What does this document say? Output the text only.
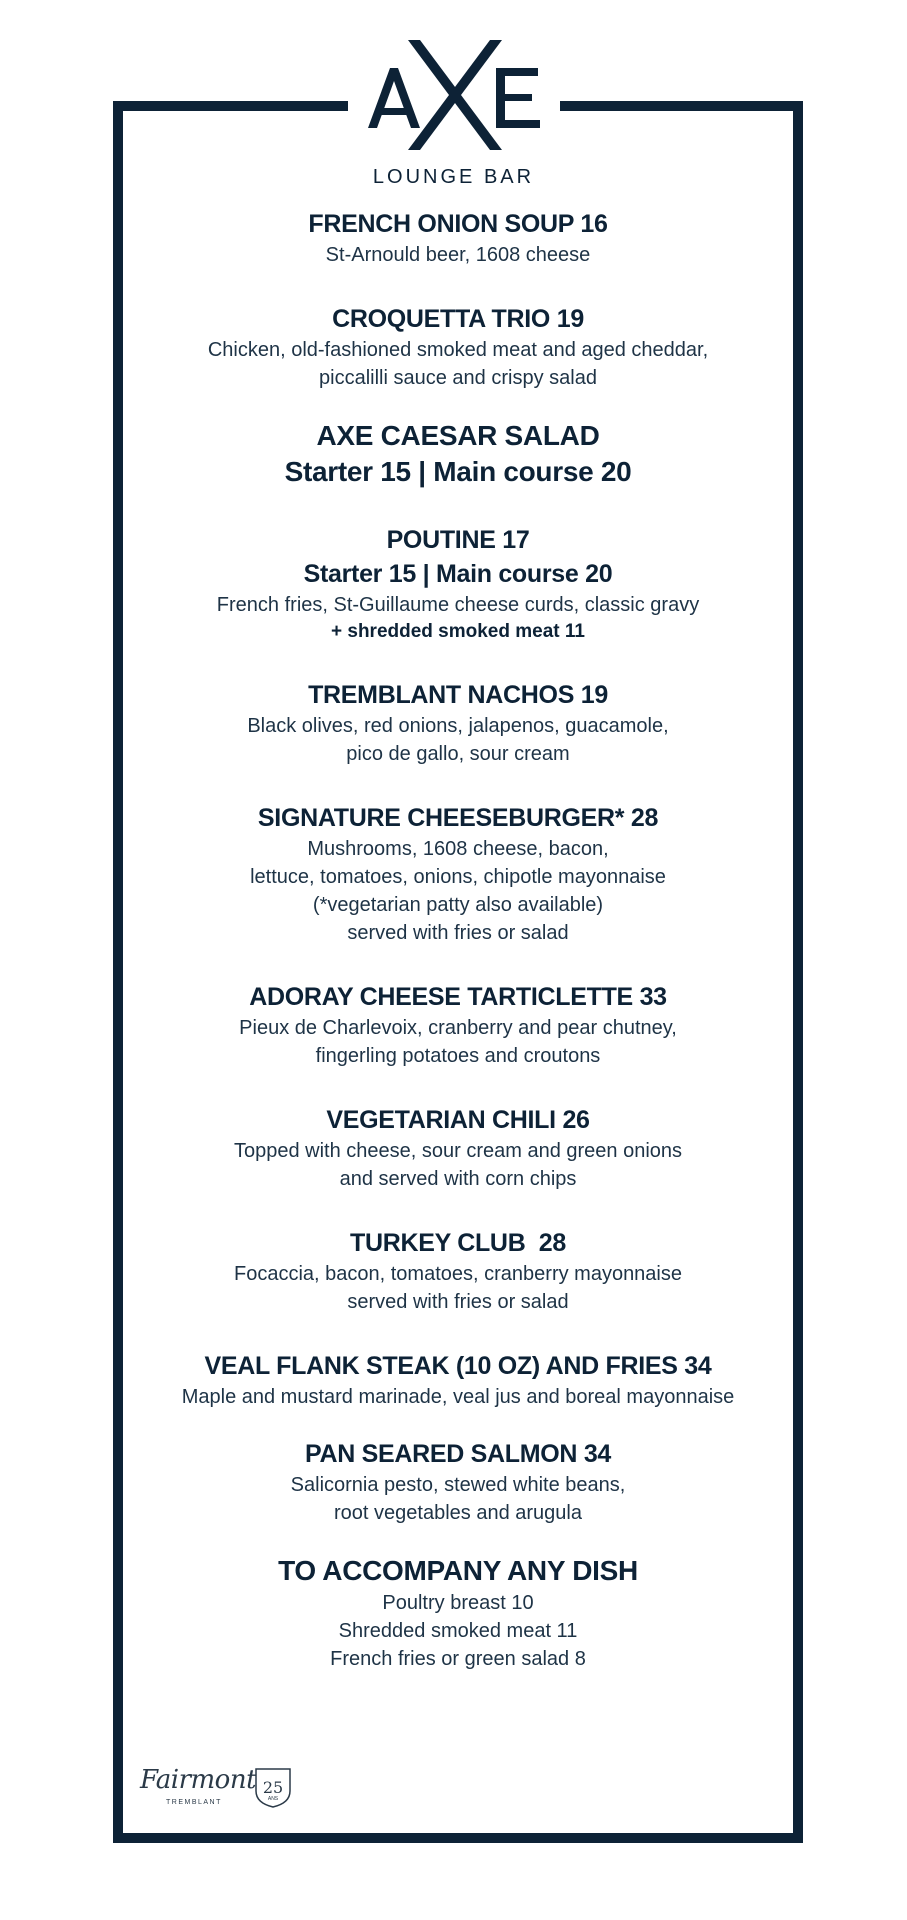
LOUNGE BAR
FRENCH ONION SOUP 16
St-Arnould beer, 1608 cheese
CROQUETTA TRIO 19
Chicken, old-fashioned smoked meat and aged cheddar,
piccalilli sauce and crispy salad
AXE CAESAR SALAD
Starter 15 | Main course 20
POUTINE 17
Starter 15 | Main course 20
French fries, St-Guillaume cheese curds, classic gravy
+ shredded smoked meat 11
TREMBLANT NACHOS 19
Black olives, red onions, jalapenos, guacamole,
pico de gallo, sour cream
SIGNATURE CHEESEBURGER* 28
Mushrooms, 1608 cheese, bacon,
lettuce, tomatoes, onions, chipotle mayonnaise
(*vegetarian patty also available)
served with fries or salad
ADORAY CHEESE TARTICLETTE 33
Pieux de Charlevoix, cranberry and pear chutney,
fingerling potatoes and croutons
VEGETARIAN CHILI 26
Topped with cheese, sour cream and green onions
and served with corn chips
TURKEY CLUB  28
Focaccia, bacon, tomatoes, cranberry mayonnaise
served with fries or salad
VEAL FLANK STEAK (10 OZ) AND FRIES 34
Maple and mustard marinade, veal jus and boreal mayonnaise
PAN SEARED SALMON 34
Salicornia pesto, stewed white beans,
root vegetables and arugula
TO ACCOMPANY ANY DISH
Poultry breast 10
Shredded smoked meat 11
French fries or green salad 8
Fairmont
TREMBLANT
25
ANS
